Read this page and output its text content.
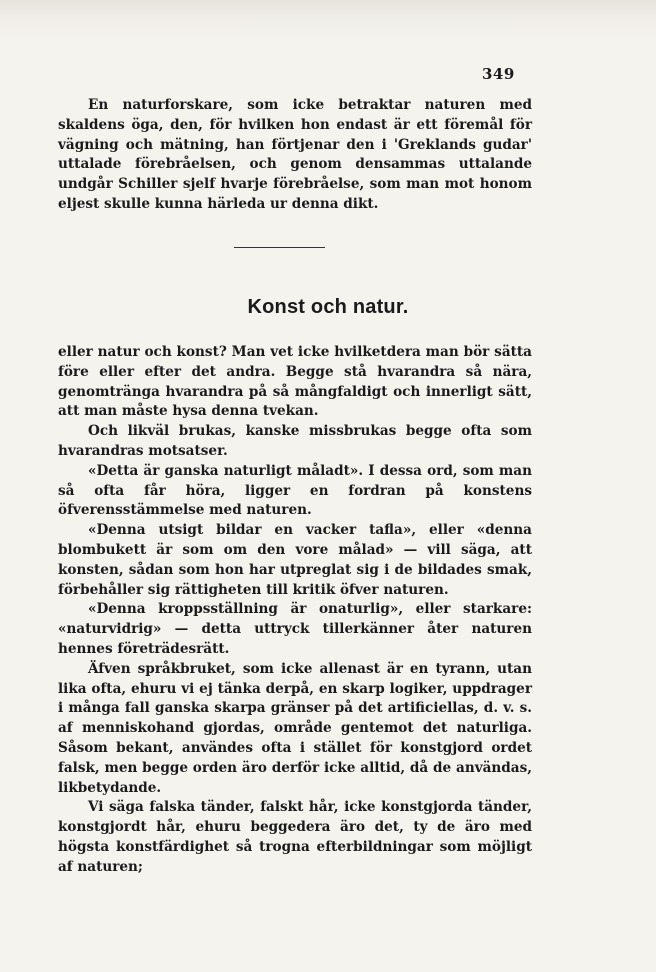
349

En naturforskare, som icke betraktar naturen med skaldens öga, den, för hvilken hon endast är ett föremål för vägning och mätning, han förtjenar den i 'Greklands gudar' uttalade förebråelsen, och genom densammas uttalande undgår Schiller sjelf hvarje förebråelse, som man mot honom eljest skulle kunna härleda ur denna dikt.

Konst och natur.

eller natur och konst? Man vet icke hvilketdera man bör sätta före eller efter det andra. Begge stå hvarandra så nära, genomtränga hvarandra på så mångfaldigt och innerligt sätt, att man måste hysa denna tvekan.

Och likväl brukas, kanske missbrukas begge ofta som hvarandras motsatser.

«Detta är ganska naturligt måladt». I dessa ord, som man så ofta får höra, ligger en fordran på konstens öfverensstämmelse med naturen.

«Denna utsigt bildar en vacker tafla», eller «denna blombukett är som om den vore målad» — vill säga, att konsten, sådan som hon har utpreglat sig i de bildades smak, förbehåller sig rättigheten till kritik öfver naturen.

«Denna kroppsställning är onaturlig», eller starkare: «naturvidrig» — detta uttryck tillerkänner åter naturen hennes företrädesrätt.

Äfven språkbruket, som icke allenast är en tyrann, utan lika ofta, ehuru vi ej tänka derpå, en skarp logiker, uppdrager i många fall ganska skarpa gränser på det artificiellas, d. v. s. af menniskohand gjordas, område gentemot det naturliga. Såsom bekant, användes ofta i stället för konstgjord ordet falsk, men begge orden äro derför icke alltid, då de användas, likbetydande.

Vi säga falska tänder, falskt hår, icke konstgjorda tänder, konstgjordt hår, ehuru beggedera äro det, ty de äro med högsta konstfärdighet så trogna efterbildningar som möjligt af naturen;
